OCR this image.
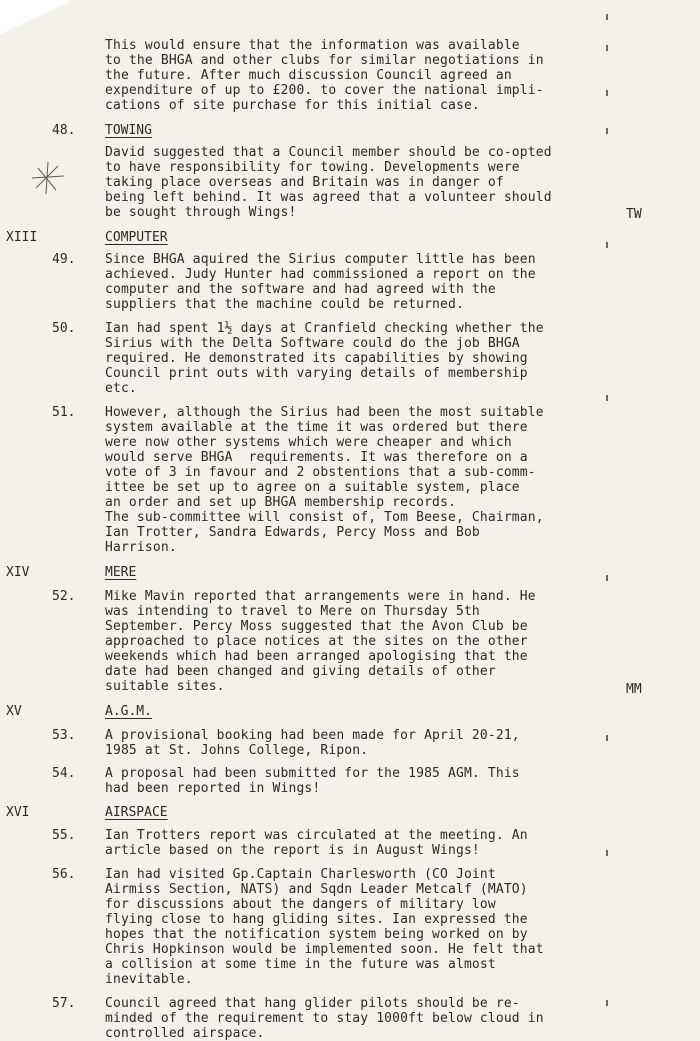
This would ensure that the information was available
to the BHGA and other clubs for similar negotiations in
the future. After much discussion Council agreed an
expenditure of up to £200. to cover the national impli-
cations of site purchase for this initial case.
48. TOWING
David suggested that a Council member should be co-opted
to have responsibility for towing. Developments were
taking place overseas and Britain was in danger of
being left behind. It was agreed that a volunteer should
be sought through Wings!	TW
XIII	COMPUTER
49. Since BHGA aquired the Sirius computer little has been
achieved. Judy Hunter had commissioned a report on the
computer and the software and had agreed with the
suppliers that the machine could be returned.
50. Ian had spent 1½ days at Cranfield checking whether the
Sirius with the Delta Software could do the job BHGA
required. He demonstrated its capabilities by showing
Council print outs with varying details of membership
etc.
51. However, although the Sirius had been the most suitable
system available at the time it was ordered but there
were now other systems which were cheaper and which
would serve BHGA  requirements. It was therefore on a
vote of 3 in favour and 2 obstentions that a sub-comm-
ittee be set up to agree on a suitable system, place
an order and set up BHGA membership records.
The sub-committee will consist of, Tom Beese, Chairman,
Ian Trotter, Sandra Edwards, Percy Moss and Bob
Harrison.
XIV	MERE
52. Mike Mavin reported that arrangements were in hand. He
was intending to travel to Mere on Thursday 5th
September. Percy Moss suggested that the Avon Club be
approached to place notices at the sites on the other
weekends which had been arranged apologising that the
date had been changed and giving details of other
suitable sites.	MM
XV	A.G.M.
53. A provisional booking had been made for April 20-21,
1985 at St. Johns College, Ripon.
54. A proposal had been submitted for the 1985 AGM. This
had been reported in Wings!
XVI	AIRSPACE
55. Ian Trotters report was circulated at the meeting. An
article based on the report is in August Wings!
56. Ian had visited Gp.Captain Charlesworth (CO Joint
Airmiss Section, NATS) and Sqdn Leader Metcalf (MATO)
for discussions about the dangers of military low
flying close to hang gliding sites. Ian expressed the
hopes that the notification system being worked on by
Chris Hopkinson would be implemented soon. He felt that
a collision at some time in the future was almost
inevitable.
57. Council agreed that hang glider pilots should be re-
minded of the requirement to stay 1000ft below cloud in
controlled airspace.
